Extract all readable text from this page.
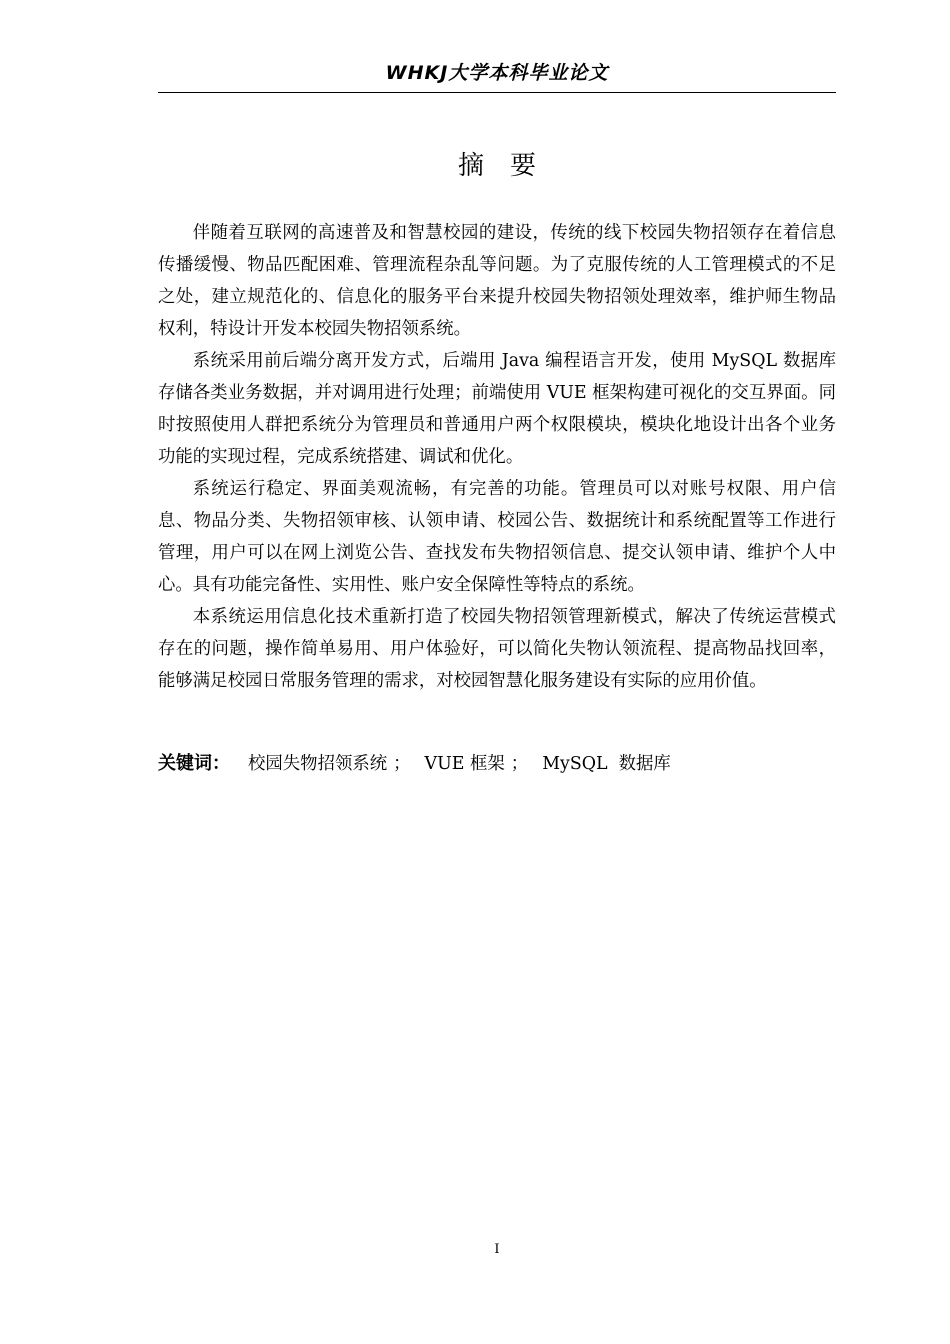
WHKJ大学本科毕业论文
摘要

伴随着互联网的高速普及和智慧校园的建设，传统的线下校园失物招领存在着信息传播缓慢、物品匹配困难、管理流程杂乱等问题。为了克服传统的人工管理模式的不足之处，建立规范化的、信息化的服务平台来提升校园失物招领处理效率，维护师生物品权利，特设计开发本校园失物招领系统。

系统采用前后端分离开发方式，后端用 Java 编程语言开发，使用 MySQL 数据库存储各类业务数据，并对调用进行处理；前端使用 VUE 框架构建可视化的交互界面。同时按照使用人群把系统分为管理员和普通用户两个权限模块，模块化地设计出各个业务功能的实现过程，完成系统搭建、调试和优化。

系统运行稳定、界面美观流畅，有完善的功能。管理员可以对账号权限、用户信息、物品分类、失物招领审核、认领申请、校园公告、数据统计和系统配置等工作进行管理，用户可以在网上浏览公告、查找发布失物招领信息、提交认领申请、维护个人中心。具有功能完备性、实用性、账户安全保障性等特点的系统。

本系统运用信息化技术重新打造了校园失物招领管理新模式，解决了传统运营模式存在的问题，操作简单易用、用户体验好，可以简化失物认领流程、提高物品找回率，能够满足校园日常服务管理的需求，对校园智慧化服务建设有实际的应用价值。

关键词： 校园失物招领系统 ； VUE 框架 ； MySQL  数据库
I
